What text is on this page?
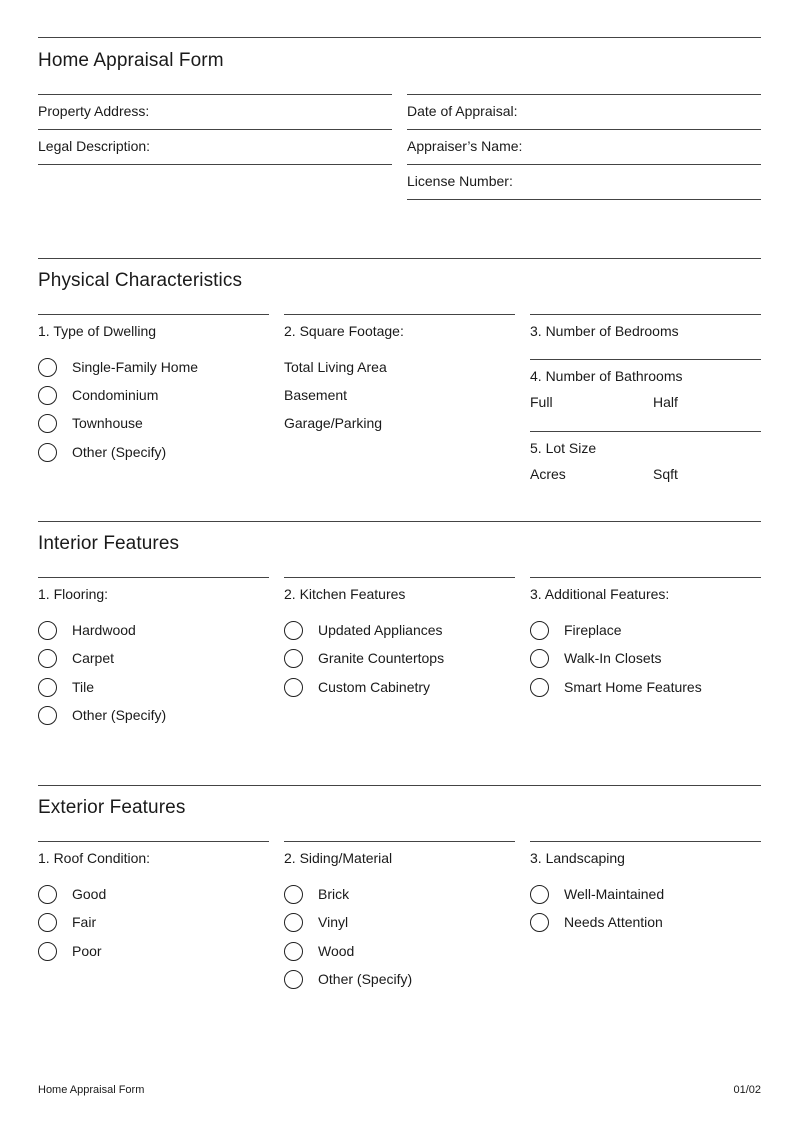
Home Appraisal Form
Property Address:
Legal Description:
Date of Appraisal:
Appraiser’s Name:
License Number:
Physical Characteristics
1. Type of Dwelling
Single-Family Home
Condominium
Townhouse
Other (Specify)
2. Square Footage:
Total Living Area
Basement
Garage/Parking
3. Number of Bedrooms
4. Number of Bathrooms
Full	Half
5. Lot Size
Acres	Sqft
Interior Features
1. Flooring:
Hardwood
Carpet
Tile
Other (Specify)
2. Kitchen Features
Updated Appliances
Granite Countertops
Custom Cabinetry
3. Additional Features:
Fireplace
Walk-In Closets
Smart Home Features
Exterior Features
1. Roof Condition:
Good
Fair
Poor
2. Siding/Material
Brick
Vinyl
Wood
Other (Specify)
3. Landscaping
Well-Maintained
Needs Attention
Home Appraisal Form	01/02
